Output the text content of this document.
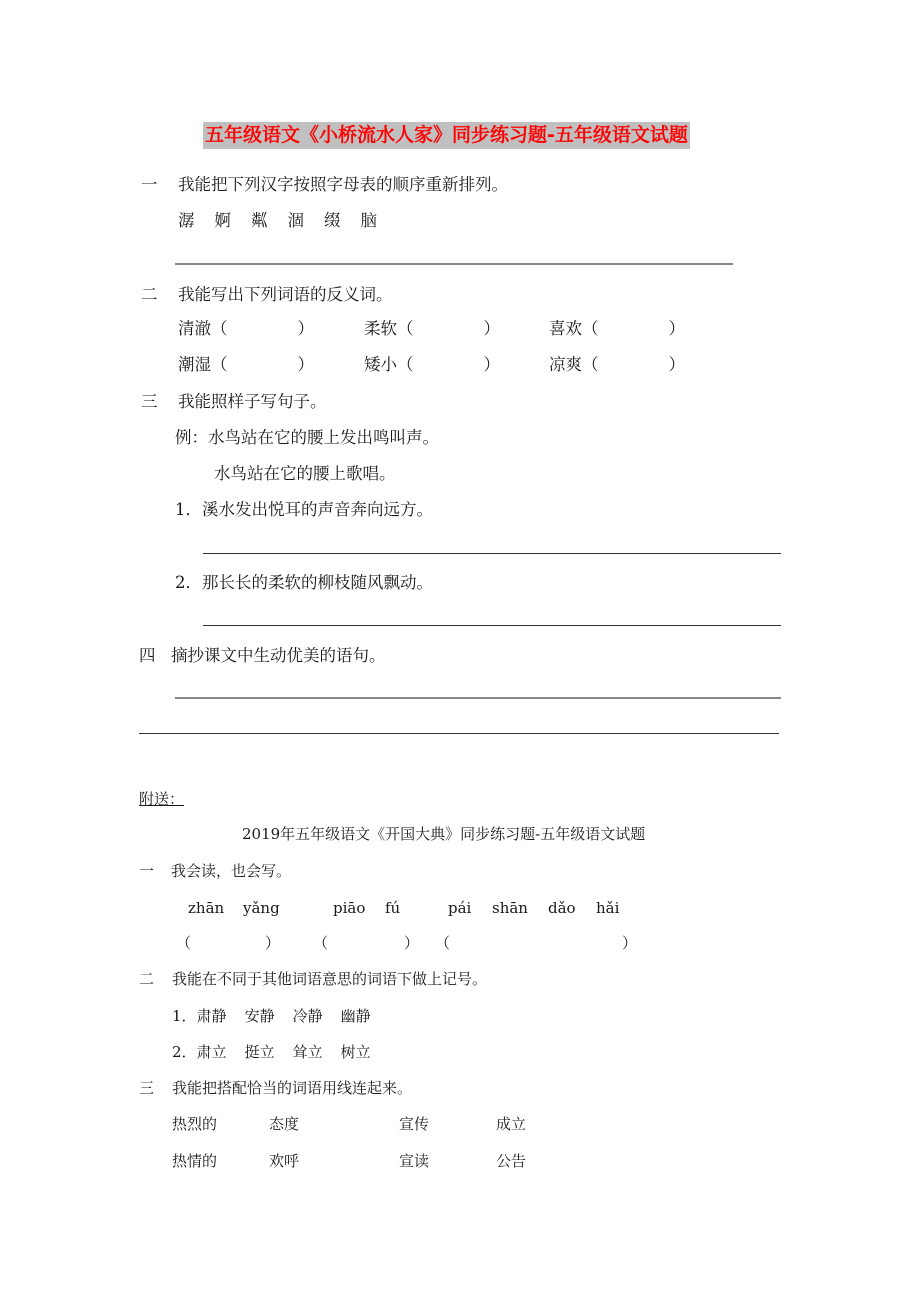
五年级语文《小桥流水人家》同步练习题-五年级语文试题
一 我能把下列汉字按照字母表的顺序重新排列。
潺 婀 粼 涸 缀 脑
二 我能写出下列词语的反义词。
清澈（	）	柔软（	）	喜欢（	）
潮湿（	）	矮小（	）	凉爽（	）
三 我能照样子写句子。
例：水鸟站在它的腰上发出鸣叫声。
水鸟站在它的腰上歌唱。
1．溪水发出悦耳的声音奔向远方。
2．那长长的柔软的柳枝随风飘动。
四 摘抄课文中生动优美的语句。
附送：
2019年五年级语文《开国大典》同步练习题-五年级语文试题
一 我会读，也会写。
zhān yǎng	piāo fú	pái shān dǎo hǎi
（	） （	） （	）
二 我能在不同于其他词语意思的词语下做上记号。
1．肃静 安静 冷静 幽静
2．肃立 挺立 耸立 树立
三 我能把搭配恰当的词语用线连起来。
热烈的	态度	宣传	成立
热情的	欢呼	宣读	公告
